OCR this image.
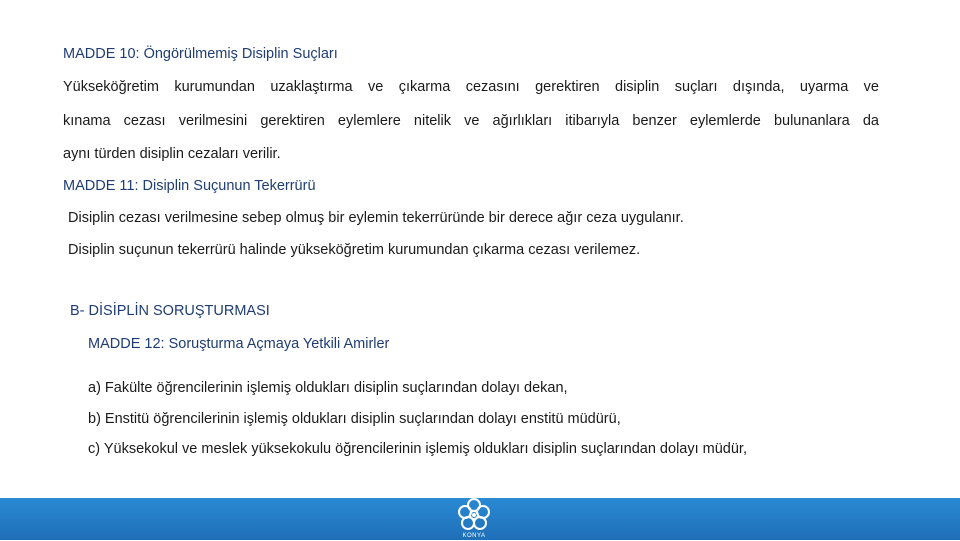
MADDE 10: Öngörülmemiş Disiplin Suçları

Yükseköğretim kurumundan uzaklaştırma ve çıkarma cezasını gerektiren disiplin suçları dışında, uyarma ve

kınama cezası verilmesini gerektiren eylemlere nitelik ve ağırlıkları itibarıyla benzer eylemlerde bulunanlara da

aynı türden disiplin cezaları verilir.

MADDE 11: Disiplin Suçunun Tekerrürü

Disiplin cezası verilmesine sebep olmuş bir eylemin tekerrüründe bir derece ağır ceza uygulanır.

Disiplin suçunun tekerrürü halinde yükseköğretim kurumundan çıkarma cezası verilemez.

B- DİSİPLİN SORUŞTURMASI

MADDE 12: Soruşturma Açmaya Yetkili Amirler

a) Fakülte öğrencilerinin işlemiş oldukları disiplin suçlarından dolayı dekan,

b) Enstitü öğrencilerinin işlemiş oldukları disiplin suçlarından dolayı enstitü müdürü,

c) Yüksekokul ve meslek yüksekokulu öğrencilerinin işlemiş oldukları disiplin suçlarından dolayı müdür,

KONYA
